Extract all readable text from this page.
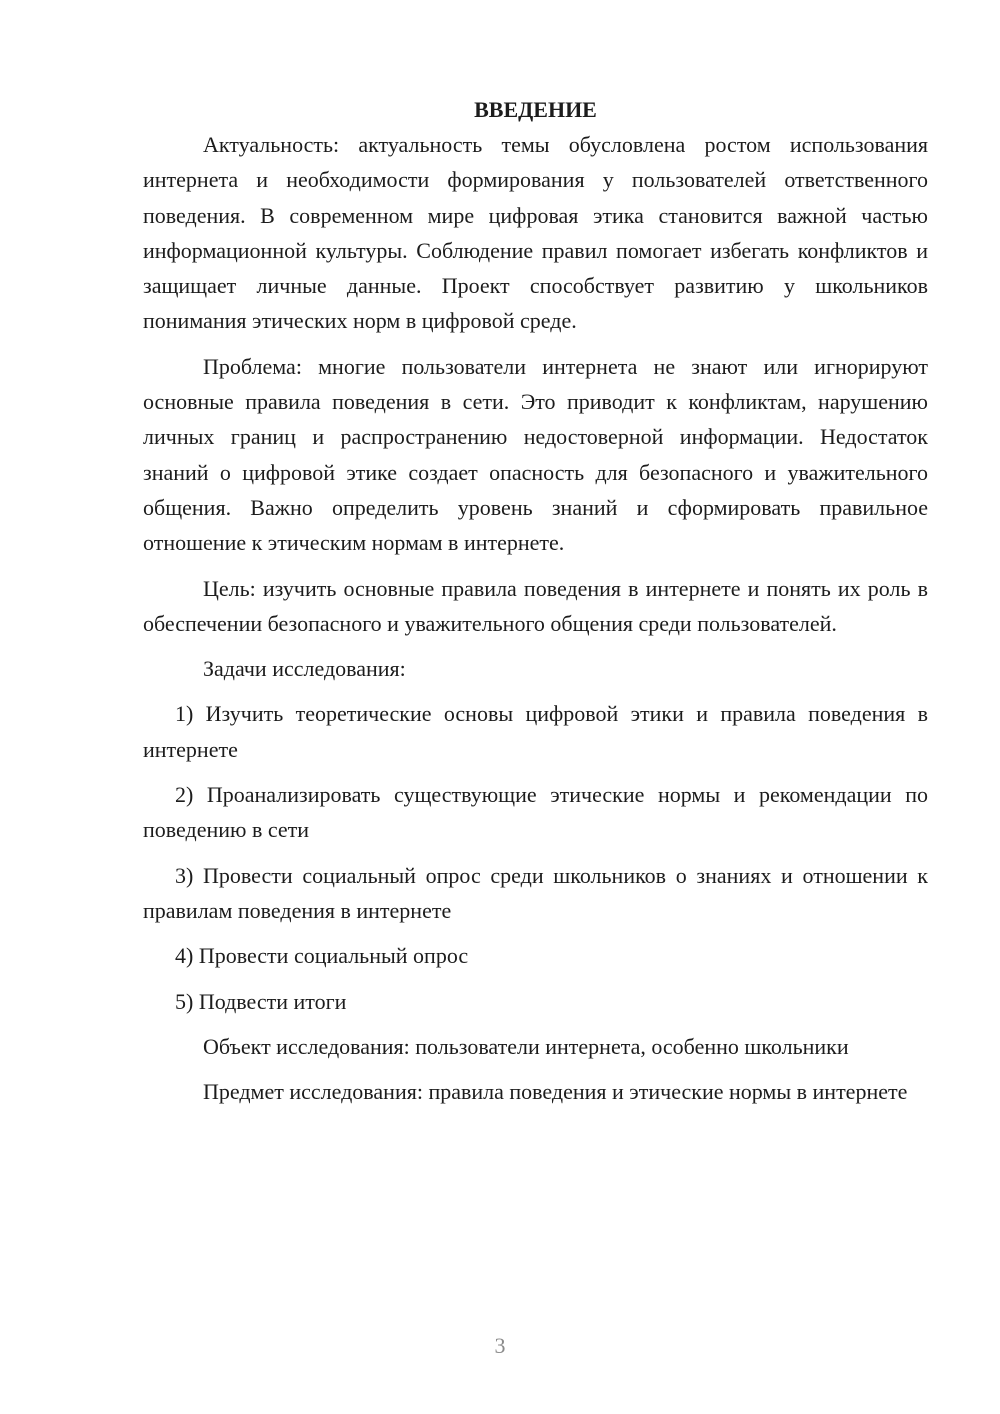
ВВЕДЕНИЕ

Актуальность: актуальность темы обусловлена ростом использования интернета и необходимости формирования у пользователей ответственного поведения. В современном мире цифровая этика становится важной частью информационной культуры. Соблюдение правил помогает избегать конфликтов и защищает личные данные. Проект способствует развитию у школьников понимания этических норм в цифровой среде.

Проблема: многие пользователи интернета не знают или игнорируют основные правила поведения в сети. Это приводит к конфликтам, нарушению личных границ и распространению недостоверной информации. Недостаток знаний о цифровой этике создает опасность для безопасного и уважительного общения. Важно определить уровень знаний и сформировать правильное отношение к этическим нормам в интернете.

Цель: изучить основные правила поведения в интернете и понять их роль в обеспечении безопасного и уважительного общения среди пользователей.

Задачи исследования:

1) Изучить теоретические основы цифровой этики и правила поведения в интернете

2) Проанализировать существующие этические нормы и рекомендации по поведению в сети

3) Провести социальный опрос среди школьников о знаниях и отношении к правилам поведения в интернете

4) Провести социальный опрос

5) Подвести итоги

Объект исследования: пользователи интернета, особенно школьники

Предмет исследования: правила поведения и этические нормы в интернете

3
